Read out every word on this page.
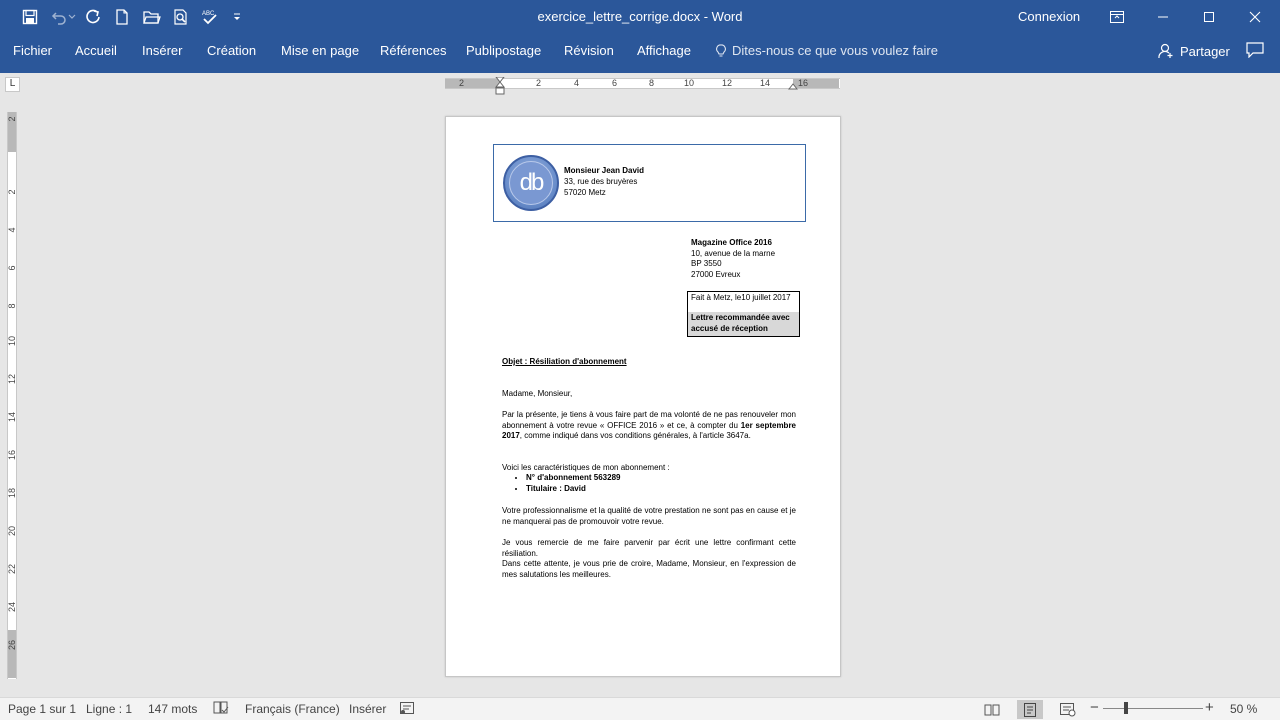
ABC	exercice_lettre_corrige.docx - Word	Connexion
Fichier Accueil Insérer Création Mise en page Références Publipostage Révision Affichage	Dites-nous ce que vous voulez faire	Partager
L	2	2	4	6	8	10	12	14	16
2
2
4
6
8
10
12
14
16
18
20
22
24
26
db	Monsieur Jean David
33, rue des bruyères
57020 Metz
Magazine Office 2016
10, avenue de la marne
BP 3550
27000 Evreux
Fait à Metz, le10 juillet 2017
Lettre recommandée avec
accusé de réception
Objet : Résiliation d'abonnement
Madame, Monsieur,
Par la présente, je tiens à vous faire part de ma volonté de ne pas renouveler mon abonnement à votre revue « OFFICE 2016 » et ce, à compter du 1er septembre 2017, comme indiqué dans vos conditions générales, à l'article 3647a.
Voici les caractéristiques de mon abonnement :
• N° d'abonnement 563289
• Titulaire : David
Votre professionnalisme et la qualité de votre prestation ne sont pas en cause et je ne manquerai pas de promouvoir votre revue.
Je vous remercie de me faire parvenir par écrit une lettre confirmant cette résiliation.
Dans cette attente, je vous prie de croire, Madame, Monsieur, en l'expression de mes salutations les meilleures.
Page 1 sur 1 Ligne : 1 147 mots	Français (France) Insérer	−	+ 50 %
